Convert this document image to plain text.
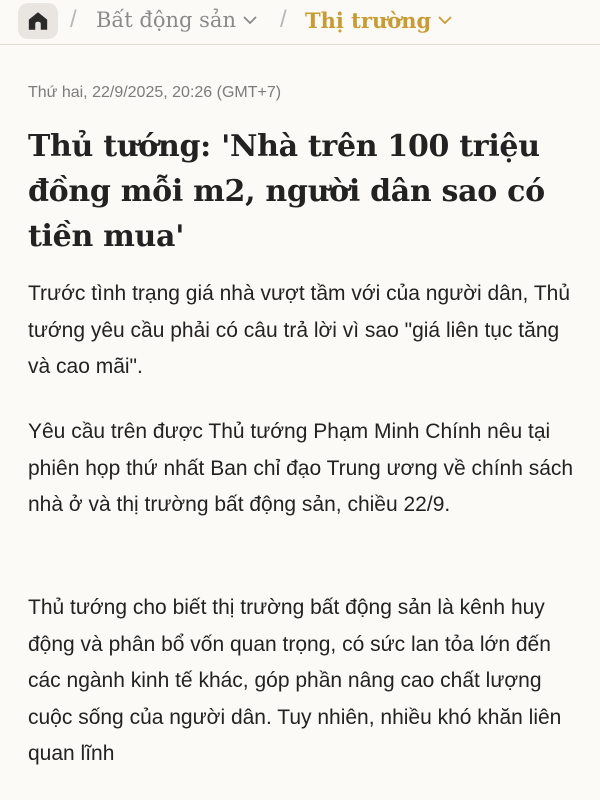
/ Bất động sản / Thị trường
Thứ hai, 22/9/2025, 20:26 (GMT+7)
Thủ tướng: 'Nhà trên 100 triệu đồng mỗi m2, người dân sao có tiền mua'

Trước tình trạng giá nhà vượt tầm với của người dân, Thủ tướng yêu cầu phải có câu trả lời vì sao "giá liên tục tăng và cao mãi".

Yêu cầu trên được Thủ tướng Phạm Minh Chính nêu tại phiên họp thứ nhất Ban chỉ đạo Trung ương về chính sách nhà ở và thị trường bất động sản, chiều 22/9.

Thủ tướng cho biết thị trường bất động sản là kênh huy động và phân bổ vốn quan trọng, có sức lan tỏa lớn đến các ngành kinh tế khác, góp phần nâng cao chất lượng cuộc sống của người dân. Tuy nhiên, nhiều khó khăn liên quan lĩnh
